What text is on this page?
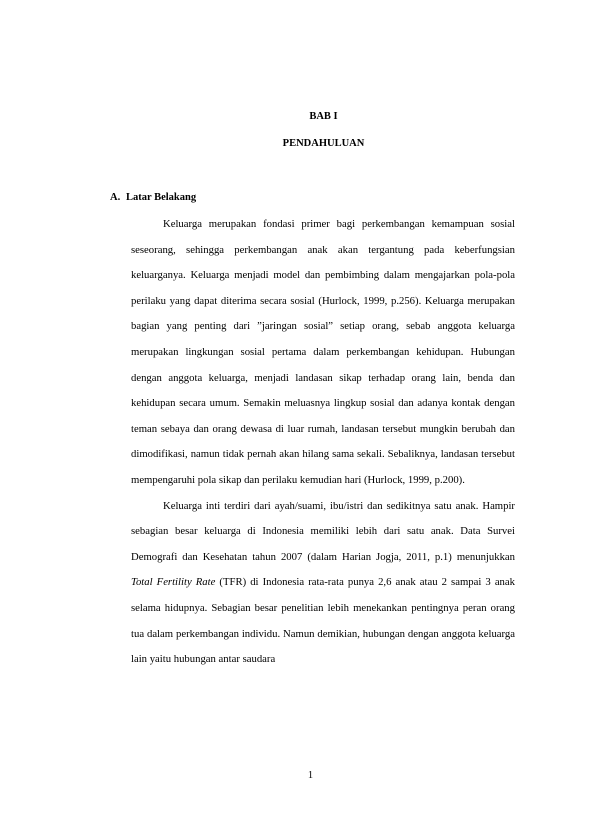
BAB I
PENDAHULUAN
A. Latar Belakang

Keluarga merupakan fondasi primer bagi perkembangan kemampuan sosial seseorang, sehingga perkembangan anak akan tergantung pada keberfungsian keluarganya. Keluarga menjadi model dan pembimbing dalam mengajarkan pola-pola perilaku yang dapat diterima secara sosial (Hurlock, 1999, p.256). Keluarga merupakan bagian yang penting dari ”jaringan sosial” setiap orang, sebab anggota keluarga merupakan lingkungan sosial pertama dalam perkembangan kehidupan. Hubungan dengan anggota keluarga, menjadi landasan sikap terhadap orang lain, benda dan kehidupan secara umum. Semakin meluasnya lingkup sosial dan adanya kontak dengan teman sebaya dan orang dewasa di luar rumah, landasan tersebut mungkin berubah dan dimodifikasi, namun tidak pernah akan hilang sama sekali. Sebaliknya, landasan tersebut mempengaruhi pola sikap dan perilaku kemudian hari (Hurlock, 1999, p.200).

Keluarga inti terdiri dari ayah/suami, ibu/istri dan sedikitnya satu anak. Hampir sebagian besar keluarga di Indonesia memiliki lebih dari satu anak. Data Survei Demografi dan Kesehatan tahun 2007 (dalam Harian Jogja, 2011, p.1) menunjukkan Total Fertility Rate (TFR) di Indonesia rata-rata punya 2,6 anak atau 2 sampai 3 anak selama hidupnya. Sebagian besar penelitian lebih menekankan pentingnya peran orang tua dalam perkembangan individu. Namun demikian, hubungan dengan anggota keluarga lain yaitu hubungan antar saudara

1
